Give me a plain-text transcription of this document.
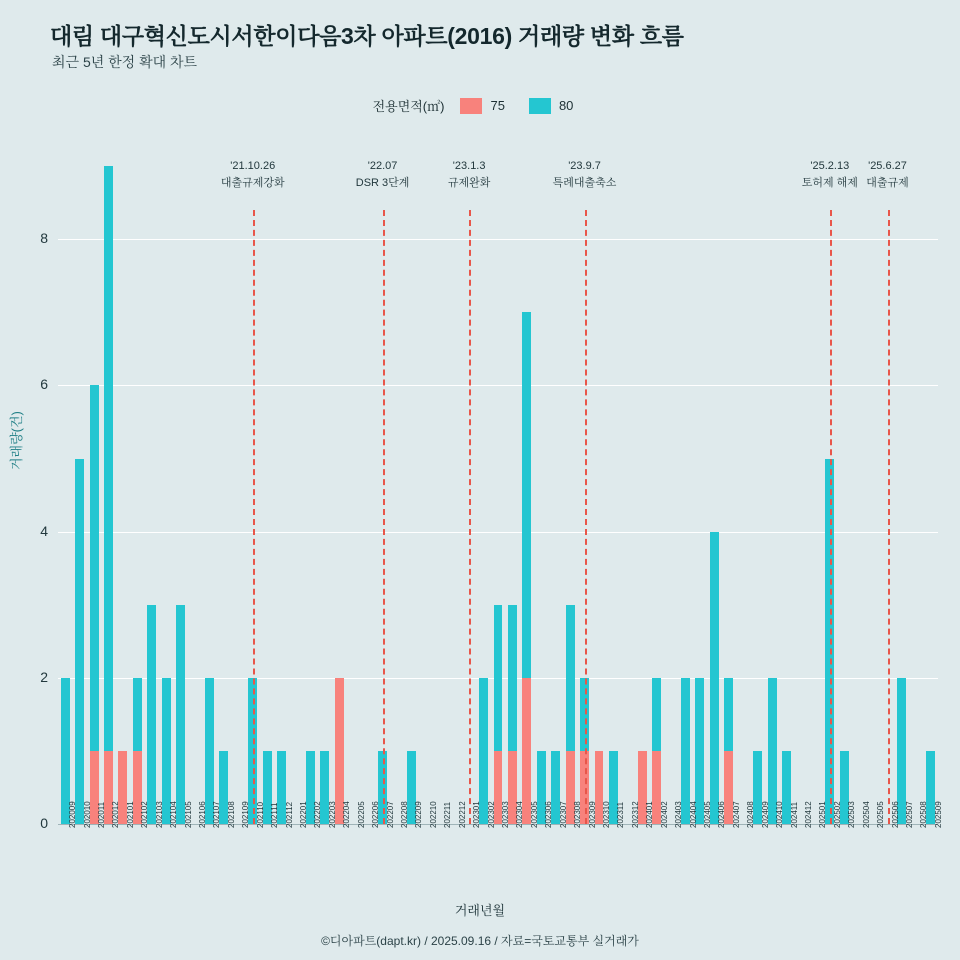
대림 대구혁신도시서한이다음3차 아파트(2016) 거래량 변화 흐름
최근 5년 한정 확대 차트
전용면적(㎡)	75	80
거래량(건)
거래년월
202009 202010 202011 202012 202101 202102 202103 202104 202105 202106 202107 202108 202109 202110 202111 202112 202201 202202 202203 202204 202205 202206 202207 202208 202209 202210 202211 202212 202301 202302 202303 202304 202305 202306 202307 202308 202309 202310 202311 202312 202401 202402 202403 202404 202405 202406 202407 202408 202409 202410 202411 202412 202501 202502 202503 202504 202505 202506 202507 202508 202509
0
2
4
6
8
'21.10.26
대출규제강화
'22.07
DSR 3단계
'23.1.3
규제완화
'23.9.7
특례대출축소
'25.2.13
토허제 해제
'25.6.27
대출규제
©디아파트(dapt.kr) / 2025.09.16 / 자료=국토교통부 실거래가
